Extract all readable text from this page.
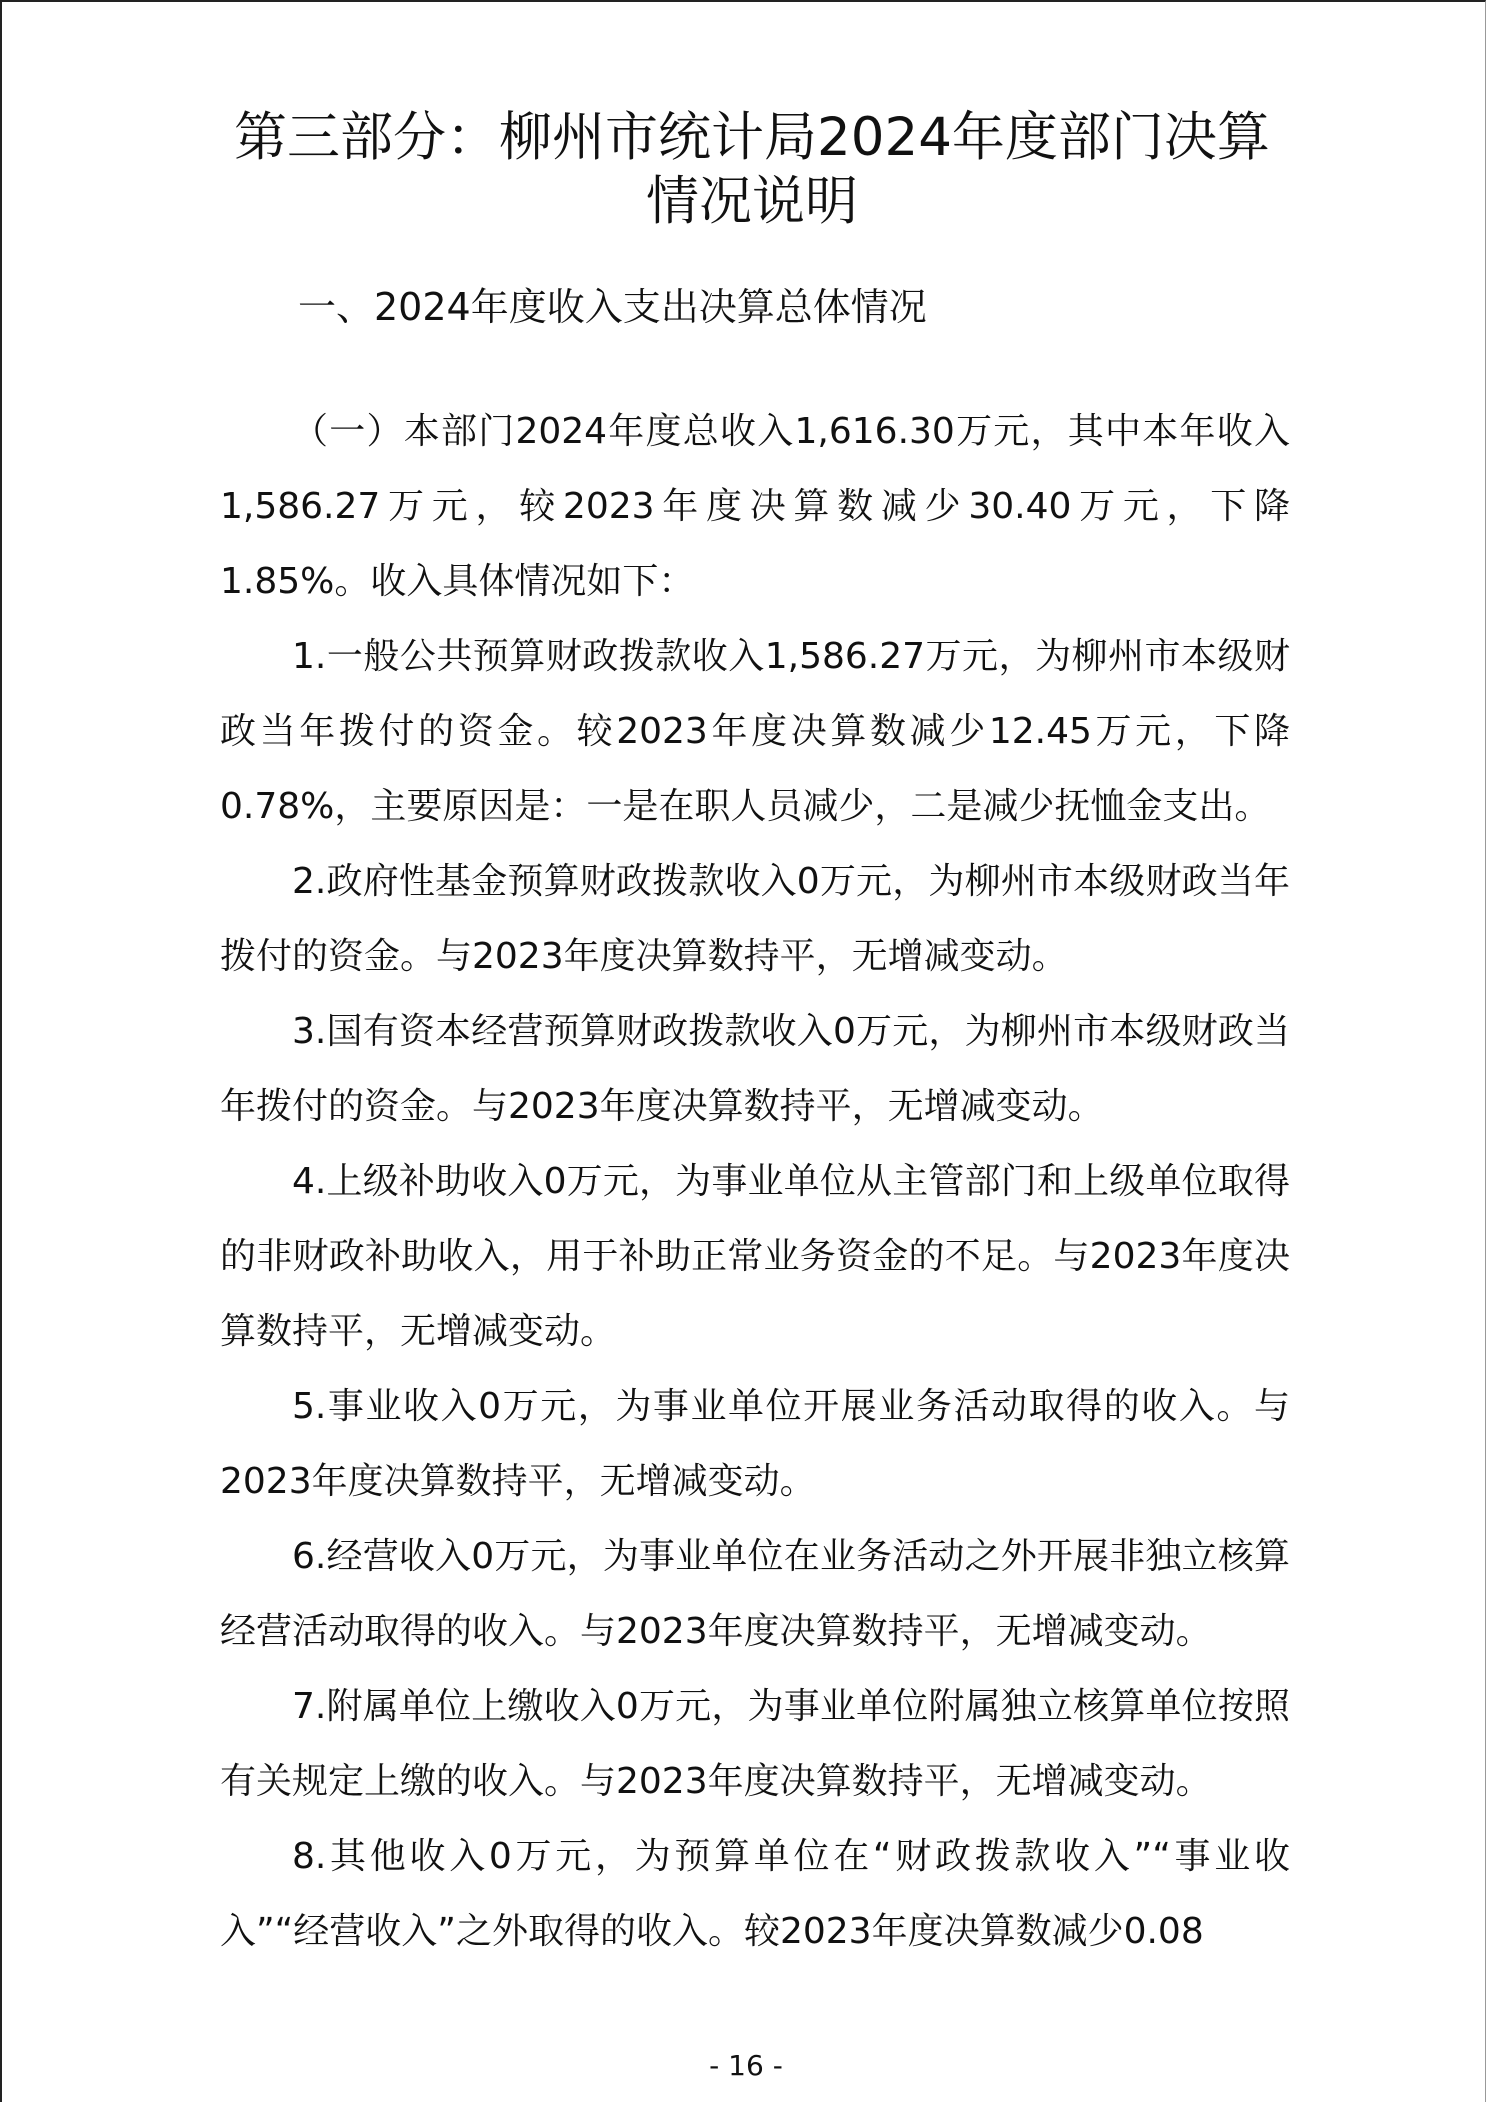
第三部分：柳州市统计局2024年度部门决算
情况说明
一、2024年度收入支出决算总体情况

（一）本部门2024年度总收入1,616.30万元，其中本年收入1,586.27万元，较2023年度决算数减少30.40万元，下降1.85%。收入具体情况如下：

1.一般公共预算财政拨款收入1,586.27万元，为柳州市本级财政当年拨付的资金。较2023年度决算数减少12.45万元，下降0.78%，主要原因是：一是在职人员减少，二是减少抚恤金支出。

2.政府性基金预算财政拨款收入0万元，为柳州市本级财政当年拨付的资金。与2023年度决算数持平，无增减变动。

3.国有资本经营预算财政拨款收入0万元，为柳州市本级财政当年拨付的资金。与2023年度决算数持平，无增减变动。

4.上级补助收入0万元，为事业单位从主管部门和上级单位取得的非财政补助收入，用于补助正常业务资金的不足。与2023年度决算数持平，无增减变动。

5.事业收入0万元，为事业单位开展业务活动取得的收入。与2023年度决算数持平，无增减变动。

6.经营收入0万元，为事业单位在业务活动之外开展非独立核算经营活动取得的收入。与2023年度决算数持平，无增减变动。

7.附属单位上缴收入0万元，为事业单位附属独立核算单位按照有关规定上缴的收入。与2023年度决算数持平，无增减变动。

8.其他收入0万元，为预算单位在“财政拨款收入”“事业收入”“经营收入”之外取得的收入。较2023年度决算数减少0.08

- 16 -
